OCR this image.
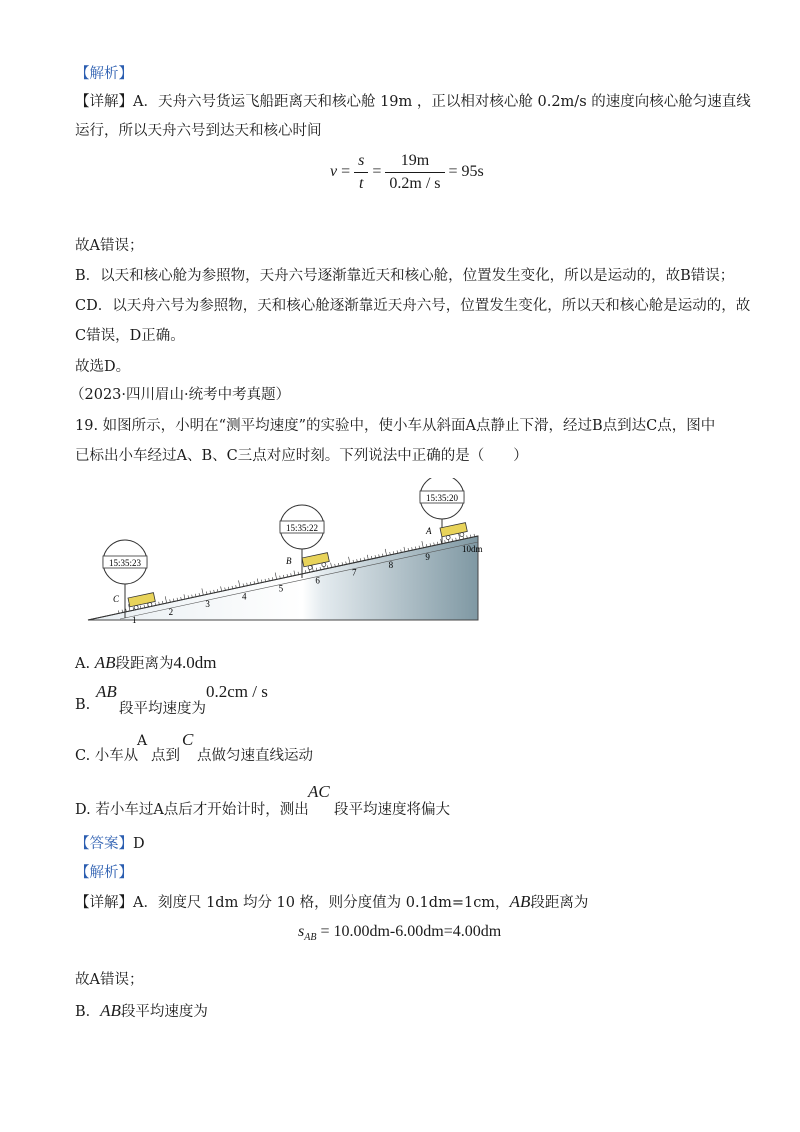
【解析】
【详解】A．天舟六号货运飞船距离天和核心舱 19m ，正以相对核心舱 0.2m/s 的速度向核心舱匀速直线
运行，所以天舟六号到达天和核心时间
$v = \frac{s}{t} = \frac{19m}{0.2m / s} = 95s$
故A错误；
B．以天和核心舱为参照物，天舟六号逐渐靠近天和核心舱，位置发生变化，所以是运动的，故B错误；
CD．以天舟六号为参照物，天和核心舱逐渐靠近天舟六号，位置发生变化，所以天和核心舱是运动的，故
C错误，D正确。
故选D。
（2023·四川眉山·统考中考真题）
19. 如图所示，小明在“测平均速度”的实验中，使小车从斜面A点静止下滑，经过B点到达C点，图中
已标出小车经过A、B、C三点对应时刻。下列说法中正确的是（　　）
1
2
3
4
5
6
7
8
9
10dm
15:35:23
C
15:35:22
B
15:35:20
A
A. AB段距离为4.0dm
B.
AB
段平均速度为
0.2cm / s
C. 小车从
A
点到
C
点做匀速直线运动
D. 若小车过A点后才开始计时，测出
AC
段平均速度将偏大
【答案】D
【解析】
【详解】A．刻度尺 1dm 均分 10 格，则分度值为 0.1dm=1cm，AB段距离为
$s_{AB} = 10.00dm-6.00dm=4.00dm$
故A错误；
B．AB段平均速度为
